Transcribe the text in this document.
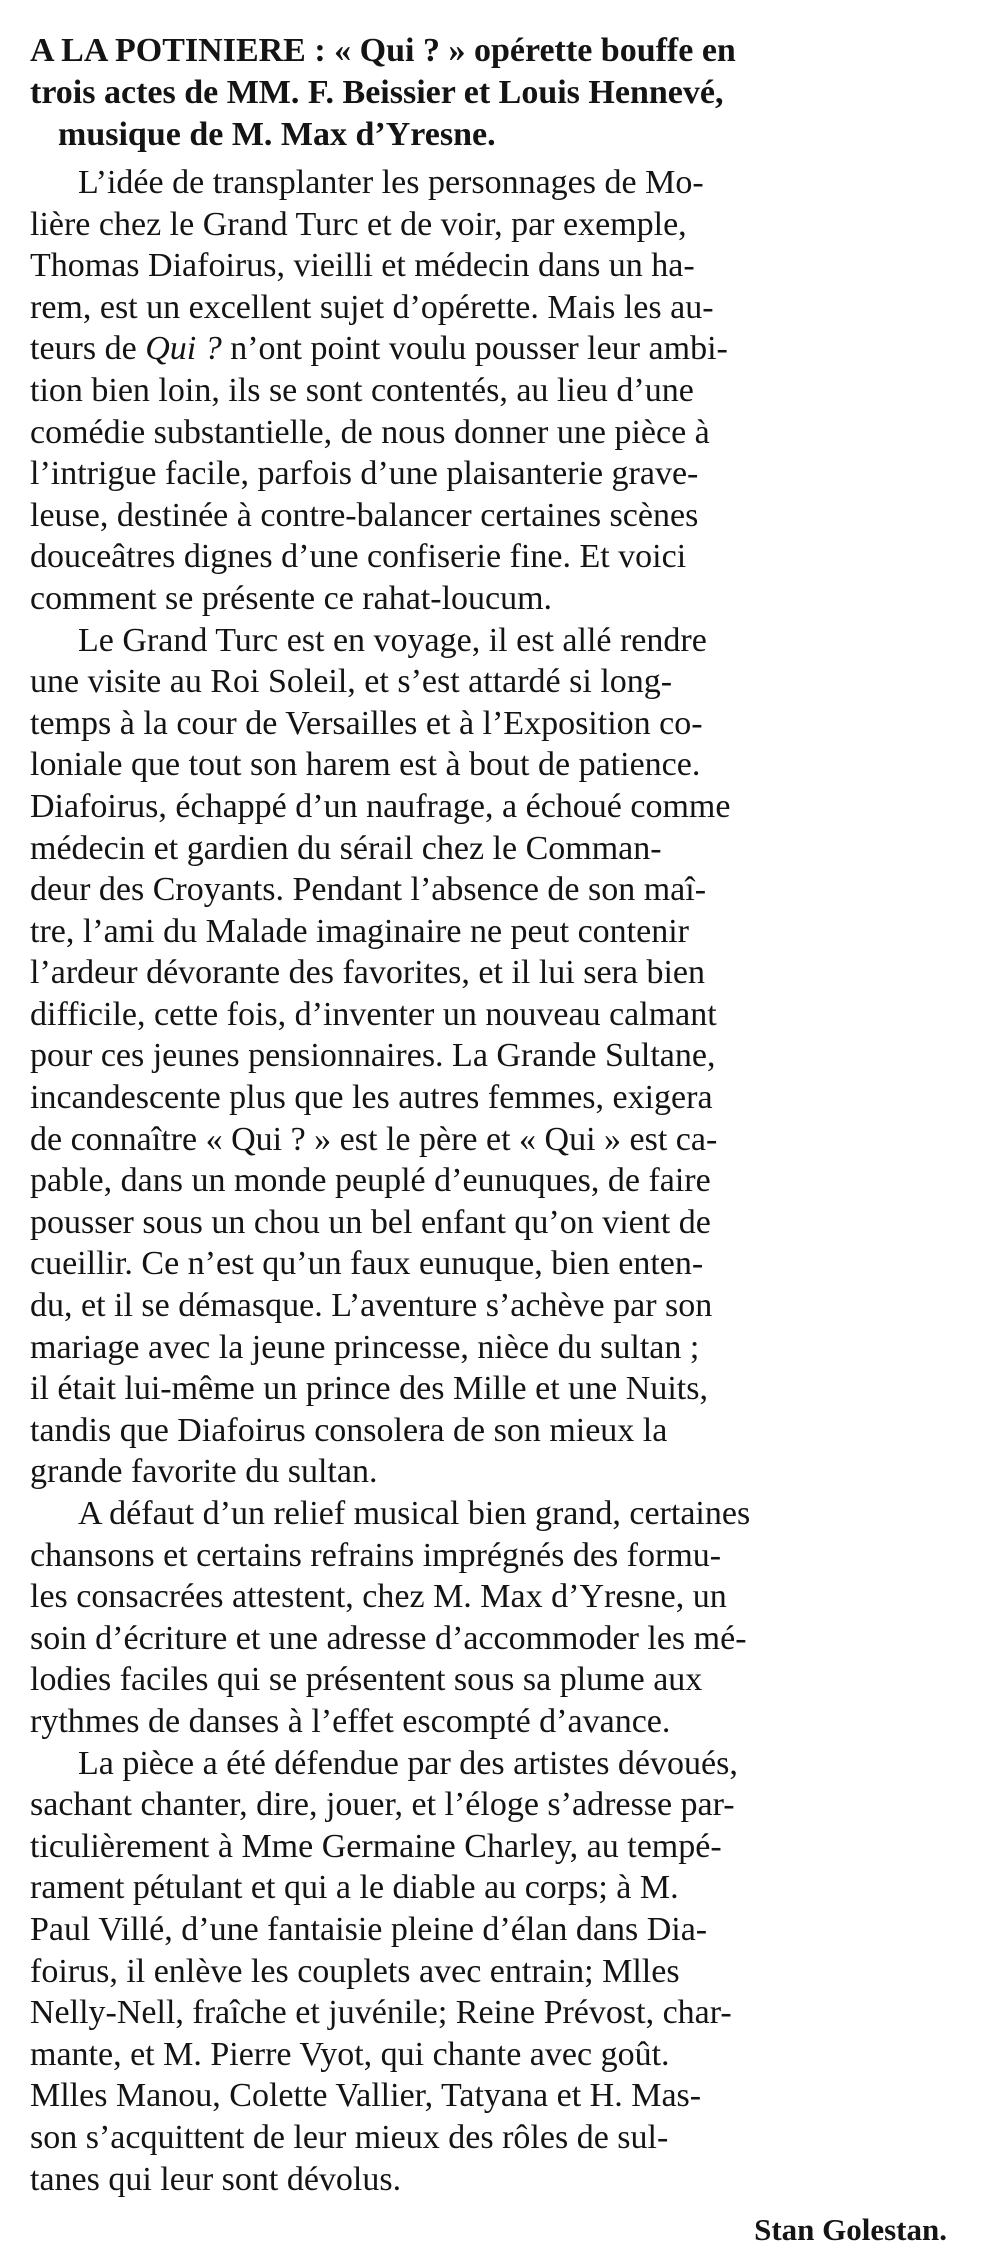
A LA POTINIERE : « Qui ? » opérette bouffe en
trois actes de MM. F. Beissier et Louis Hennevé,
musique de M. Max d’Yresne.

L’idée de transplanter les personnages de Mo-
lière chez le Grand Turc et de voir, par exemple,
Thomas Diafoirus, vieilli et médecin dans un ha-
rem, est un excellent sujet d’opérette. Mais les au-
teurs de Qui ? n’ont point voulu pousser leur ambi-
tion bien loin, ils se sont contentés, au lieu d’une
comédie substantielle, de nous donner une pièce à
l’intrigue facile, parfois d’une plaisanterie grave-
leuse, destinée à contre-balancer certaines scènes
douceâtres dignes d’une confiserie fine. Et voici
comment se présente ce rahat-loucum.

Le Grand Turc est en voyage, il est allé rendre
une visite au Roi Soleil, et s’est attardé si long-
temps à la cour de Versailles et à l’Exposition co-
loniale que tout son harem est à bout de patience.
Diafoirus, échappé d’un naufrage, a échoué comme
médecin et gardien du sérail chez le Comman-
deur des Croyants. Pendant l’absence de son maî-
tre, l’ami du Malade imaginaire ne peut contenir
l’ardeur dévorante des favorites, et il lui sera bien
difficile, cette fois, d’inventer un nouveau calmant
pour ces jeunes pensionnaires. La Grande Sultane,
incandescente plus que les autres femmes, exigera
de connaître « Qui ? » est le père et « Qui » est ca-
pable, dans un monde peuplé d’eunuques, de faire
pousser sous un chou un bel enfant qu’on vient de
cueillir. Ce n’est qu’un faux eunuque, bien enten-
du, et il se démasque. L’aventure s’achève par son
mariage avec la jeune princesse, nièce du sultan ;
il était lui-même un prince des Mille et une Nuits,
tandis que Diafoirus consolera de son mieux la
grande favorite du sultan.

A défaut d’un relief musical bien grand, certaines
chansons et certains refrains imprégnés des formu-
les consacrées attestent, chez M. Max d’Yresne, un
soin d’écriture et une adresse d’accommoder les mé-
lodies faciles qui se présentent sous sa plume aux
rythmes de danses à l’effet escompté d’avance.

La pièce a été défendue par des artistes dévoués,
sachant chanter, dire, jouer, et l’éloge s’adresse par-
ticulièrement à Mme Germaine Charley, au tempé-
rament pétulant et qui a le diable au corps; à M.
Paul Villé, d’une fantaisie pleine d’élan dans Dia-
foirus, il enlève les couplets avec entrain; Mlles
Nelly-Nell, fraîche et juvénile; Reine Prévost, char-
mante, et M. Pierre Vyot, qui chante avec goût.
Mlles Manou, Colette Vallier, Tatyana et H. Mas-
son s’acquittent de leur mieux des rôles de sul-
tanes qui leur sont dévolus.

Stan Golestan.
